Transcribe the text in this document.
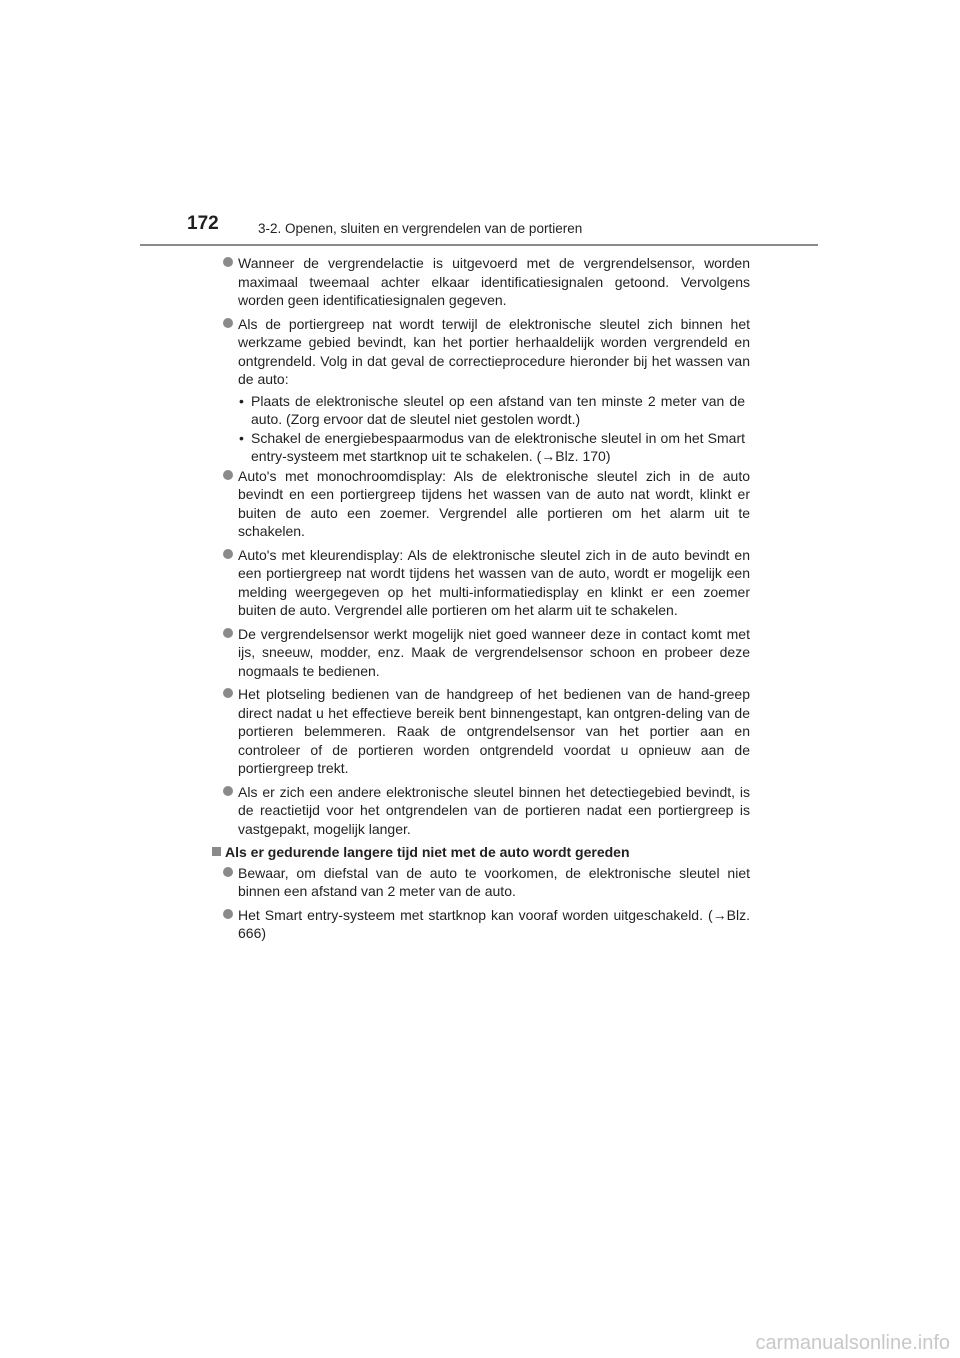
172	3-2. Openen, sluiten en vergrendelen van de portieren
Wanneer de vergrendelactie is uitgevoerd met de vergrendelsensor, worden maximaal tweemaal achter elkaar identificatiesignalen getoond. Vervolgens worden geen identificatiesignalen gegeven.
Als de portiergreep nat wordt terwijl de elektronische sleutel zich binnen het werkzame gebied bevindt, kan het portier herhaaldelijk worden vergrendeld en ontgrendeld. Volg in dat geval de correctieprocedure hieronder bij het wassen van de auto:
• Plaats de elektronische sleutel op een afstand van ten minste 2 meter van de auto. (Zorg ervoor dat de sleutel niet gestolen wordt.)
• Schakel de energiebespaarmodus van de elektronische sleutel in om het Smart entry-systeem met startknop uit te schakelen. (→Blz. 170)
Auto's met monochroomdisplay: Als de elektronische sleutel zich in de auto bevindt en een portiergreep tijdens het wassen van de auto nat wordt, klinkt er buiten de auto een zoemer. Vergrendel alle portieren om het alarm uit te schakelen.
Auto's met kleurendisplay: Als de elektronische sleutel zich in de auto bevindt en een portiergreep nat wordt tijdens het wassen van de auto, wordt er mogelijk een melding weergegeven op het multi-informatiedisplay en klinkt er een zoemer buiten de auto. Vergrendel alle portieren om het alarm uit te schakelen.
De vergrendelsensor werkt mogelijk niet goed wanneer deze in contact komt met ijs, sneeuw, modder, enz. Maak de vergrendelsensor schoon en probeer deze nogmaals te bedienen.
Het plotseling bedienen van de handgreep of het bedienen van de hand-greep direct nadat u het effectieve bereik bent binnengestapt, kan ontgren-deling van de portieren belemmeren. Raak de ontgrendelsensor van het portier aan en controleer of de portieren worden ontgrendeld voordat u opnieuw aan de portiergreep trekt.
Als er zich een andere elektronische sleutel binnen het detectiegebied bevindt, is de reactietijd voor het ontgrendelen van de portieren nadat een portiergreep is vastgepakt, mogelijk langer.
Als er gedurende langere tijd niet met de auto wordt gereden
Bewaar, om diefstal van de auto te voorkomen, de elektronische sleutel niet binnen een afstand van 2 meter van de auto.
Het Smart entry-systeem met startknop kan vooraf worden uitgeschakeld. (→Blz. 666)
carmanualsonline.info
